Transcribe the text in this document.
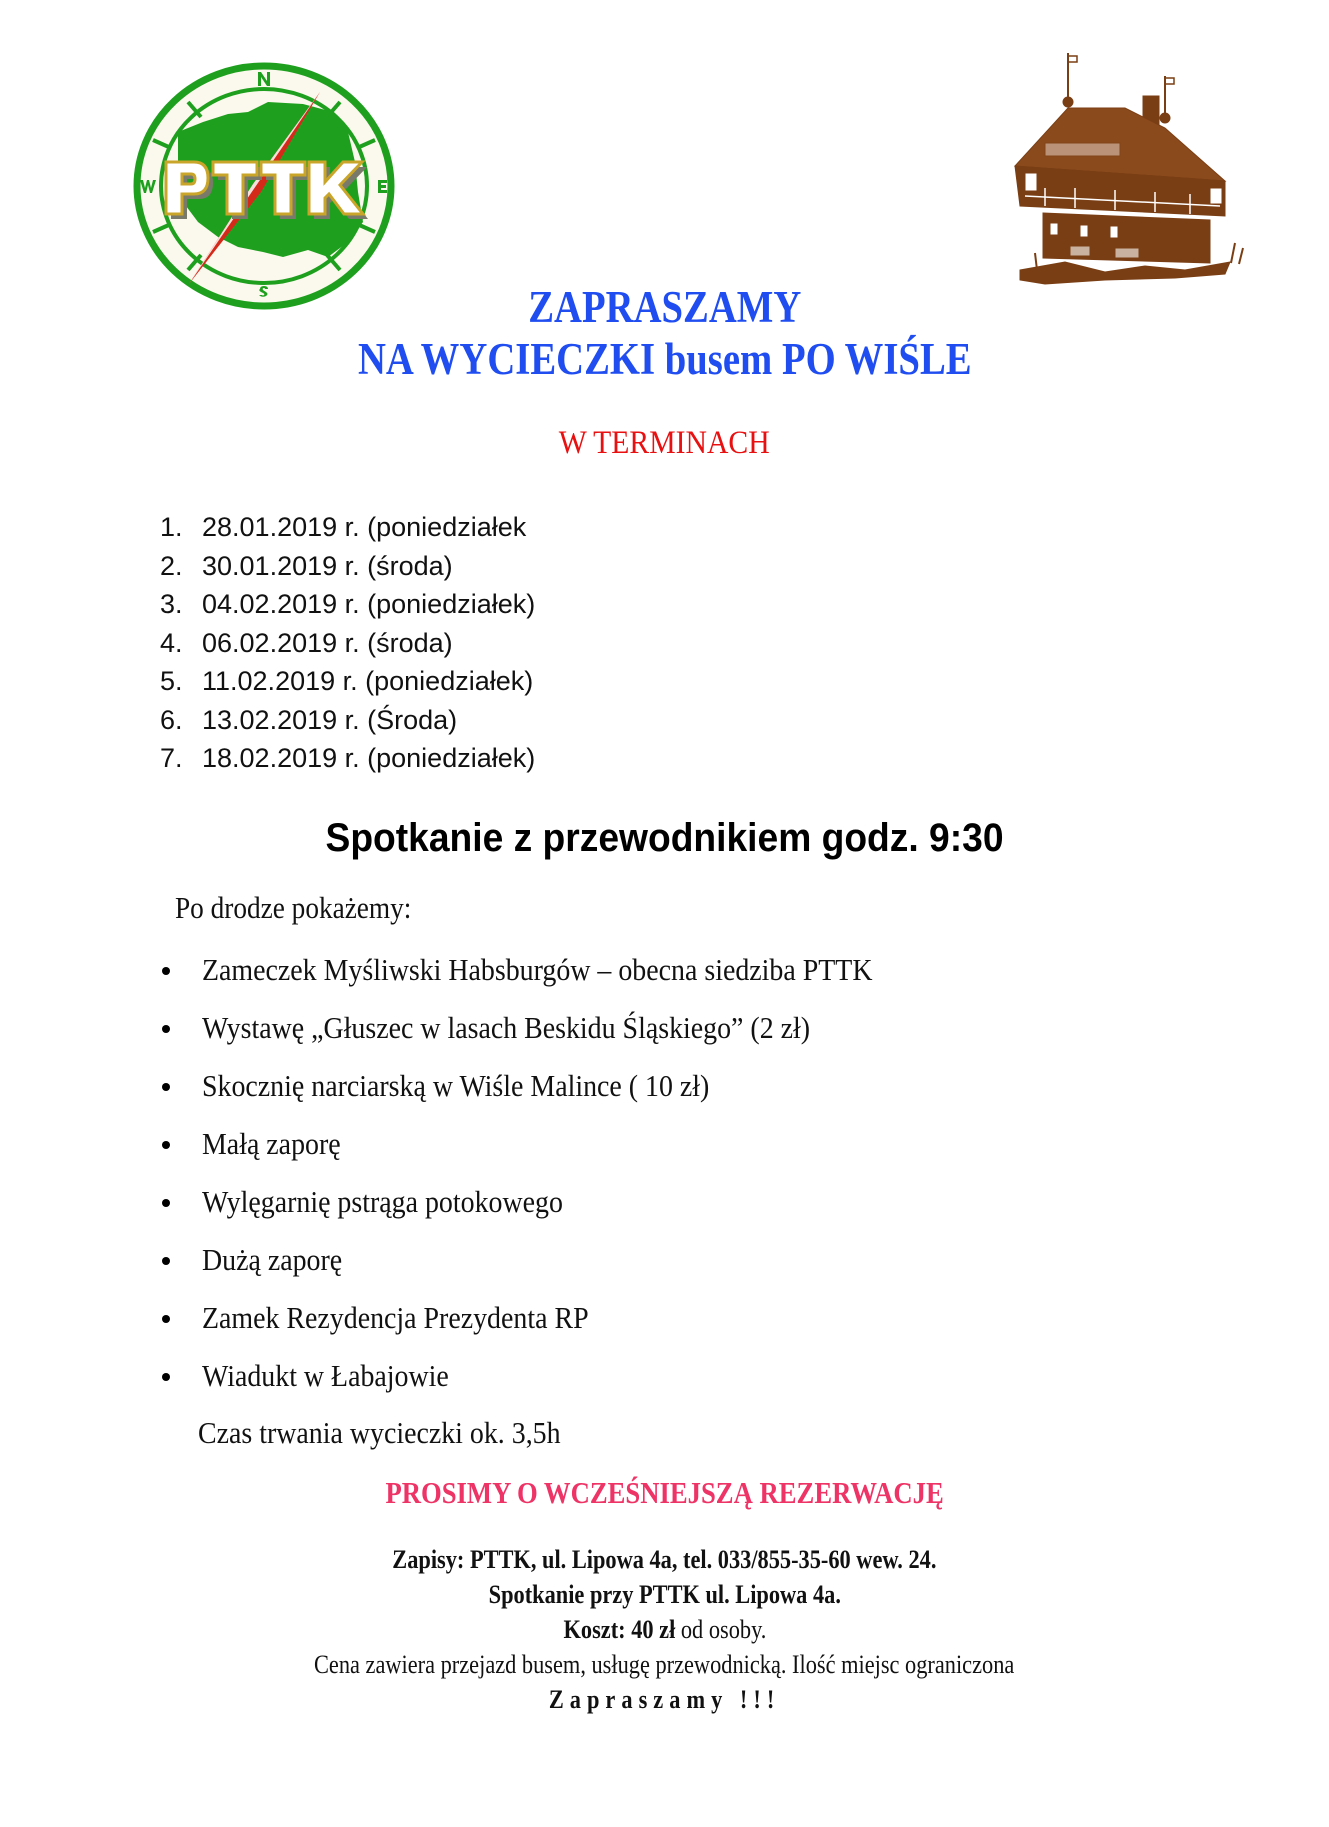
ZAPRASZAMY
NA WYCIECZKI busem PO WIŚLE
W TERMINACH
1. 28.01.2019 r. (poniedziałek
2. 30.01.2019 r. (środa)
3. 04.02.2019 r. (poniedziałek)
4. 06.02.2019 r. (środa)
5. 11.02.2019 r. (poniedziałek)
6. 13.02.2019 r. (Środa)
7. 18.02.2019 r. (poniedziałek)
Spotkanie z przewodnikiem godz. 9:30
Po drodze pokażemy:
Zameczek Myśliwski Habsburgów – obecna siedziba PTTK
Wystawę „Głuszec w lasach Beskidu Śląskiego” (2 zł)
Skocznię narciarską w Wiśle Malince ( 10 zł)
Małą zaporę
Wylęgarnię pstrąga potokowego
Dużą zaporę
Zamek Rezydencja Prezydenta RP
Wiadukt w Łabajowie
Czas trwania wycieczki ok. 3,5h
PROSIMY O WCZEŚNIEJSZĄ REZERWACJĘ
Zapisy: PTTK, ul. Lipowa 4a, tel. 033/855-35-60 wew. 24.
Spotkanie przy PTTK ul. Lipowa 4a.
Koszt: 40 zł od osoby.
Cena zawiera przejazd busem, usługę przewodnicką. Ilość miejsc ograniczona
Zapraszamy !!!
